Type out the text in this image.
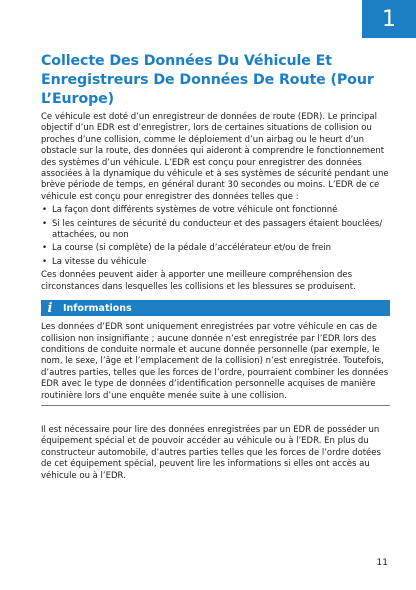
1
Collecte Des Données Du Véhicule Et Enregistreurs De Données De Route (Pour L’Europe)

Ce véhicule est doté d’un enregistreur de données de route (EDR). Le principal objectif d’un EDR est d’enregistrer, lors de certaines situations de collision ou proches d’une collision, comme le déploiement d’un airbag ou le heurt d’un obstacle sur la route, des données qui aideront à comprendre le fonctionnement des systèmes d’un véhicule. L’EDR est conçu pour enregistrer des données associées à la dynamique du véhicule et à ses systèmes de sécurité pendant une brève période de temps, en général durant 30 secondes ou moins. L’EDR de ce véhicule est conçu pour enregistrer des données telles que :

• La façon dont différents systèmes de votre véhicule ont fonctionné
• Si les ceintures de sécurité du conducteur et des passagers étaient bouclées/ attachées, ou non
• La course (si complète) de la pédale d’accélérateur et/ou de frein
• La vitesse du véhicule

Ces données peuvent aider à apporter une meilleure compréhension des circonstances dans lesquelles les collisions et les blessures se produisent.

i	Informations

Les données d’EDR sont uniquement enregistrées par votre véhicule en cas de collision non insignifiante ; aucune donnée n’est enregistrée par l’EDR lors des conditions de conduite normale et aucune donnée personnelle (par exemple, le nom, le sexe, l’âge et l’emplacement de la collision) n’est enregistrée. Toutefois, d’autres parties, telles que les forces de l’ordre, pourraient combiner les données EDR avec le type de données d’identification personnelle acquises de manière routinière lors d’une enquête menée suite à une collision.

Il est nécessaire pour lire des données enregistrées par un EDR de posséder un équipement spécial et de pouvoir accéder au véhicule ou à l’EDR. En plus du constructeur automobile, d’autres parties telles que les forces de l’ordre dotées de cet équipement spécial, peuvent lire les informations si elles ont accès au véhicule ou à l’EDR.

11
